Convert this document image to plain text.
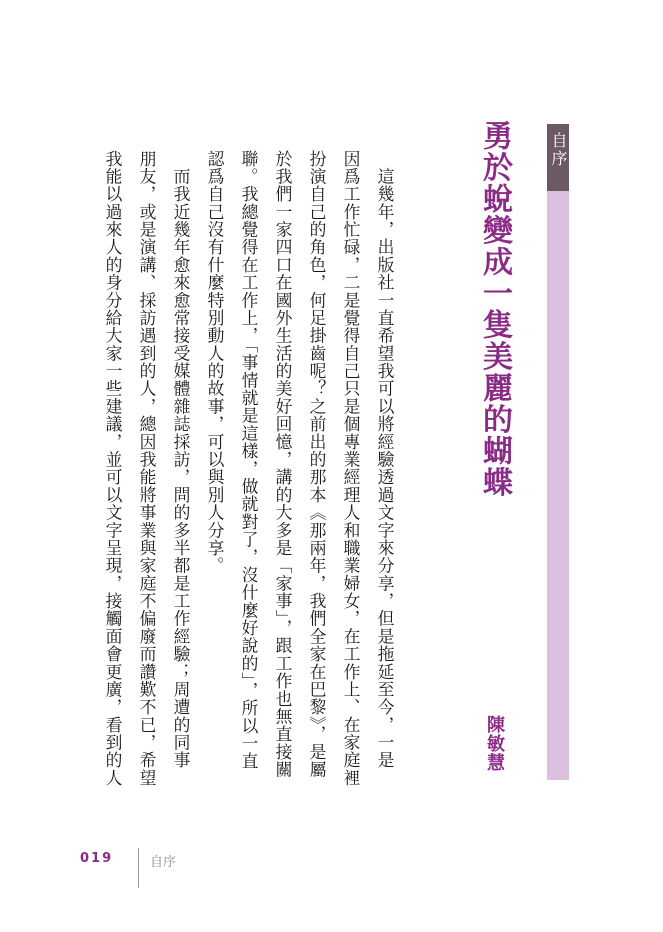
自序
勇於蛻變成一隻美麗的蝴蝶
陳敏慧
　這幾年，出版社一直希望我可以將經驗透過文字來分享，但是拖延至今，一是
因爲工作忙碌，二是覺得自己只是個專業經理人和職業婦女，在工作上、在家庭裡
扮演自己的角色，何足掛齒呢？之前出的那本《那兩年，我們全家在巴黎》，是屬
於我們一家四口在國外生活的美好回憶，講的大多是「家事」，跟工作也無直接關
聯。我總覺得在工作上，「事情就是這樣，做就對了，沒什麼好說的」，所以一直
認爲自己沒有什麼特別動人的故事，可以與別人分享。
　而我近幾年愈來愈常接受媒體雜誌採訪，問的多半都是工作經驗；周遭的同事
朋友，或是演講、採訪遇到的人，總因我能將事業與家庭不偏廢而讚歎不已，希望
我能以過來人的身分給大家一些建議，並可以文字呈現，接觸面會更廣，看到的人
019	自序
